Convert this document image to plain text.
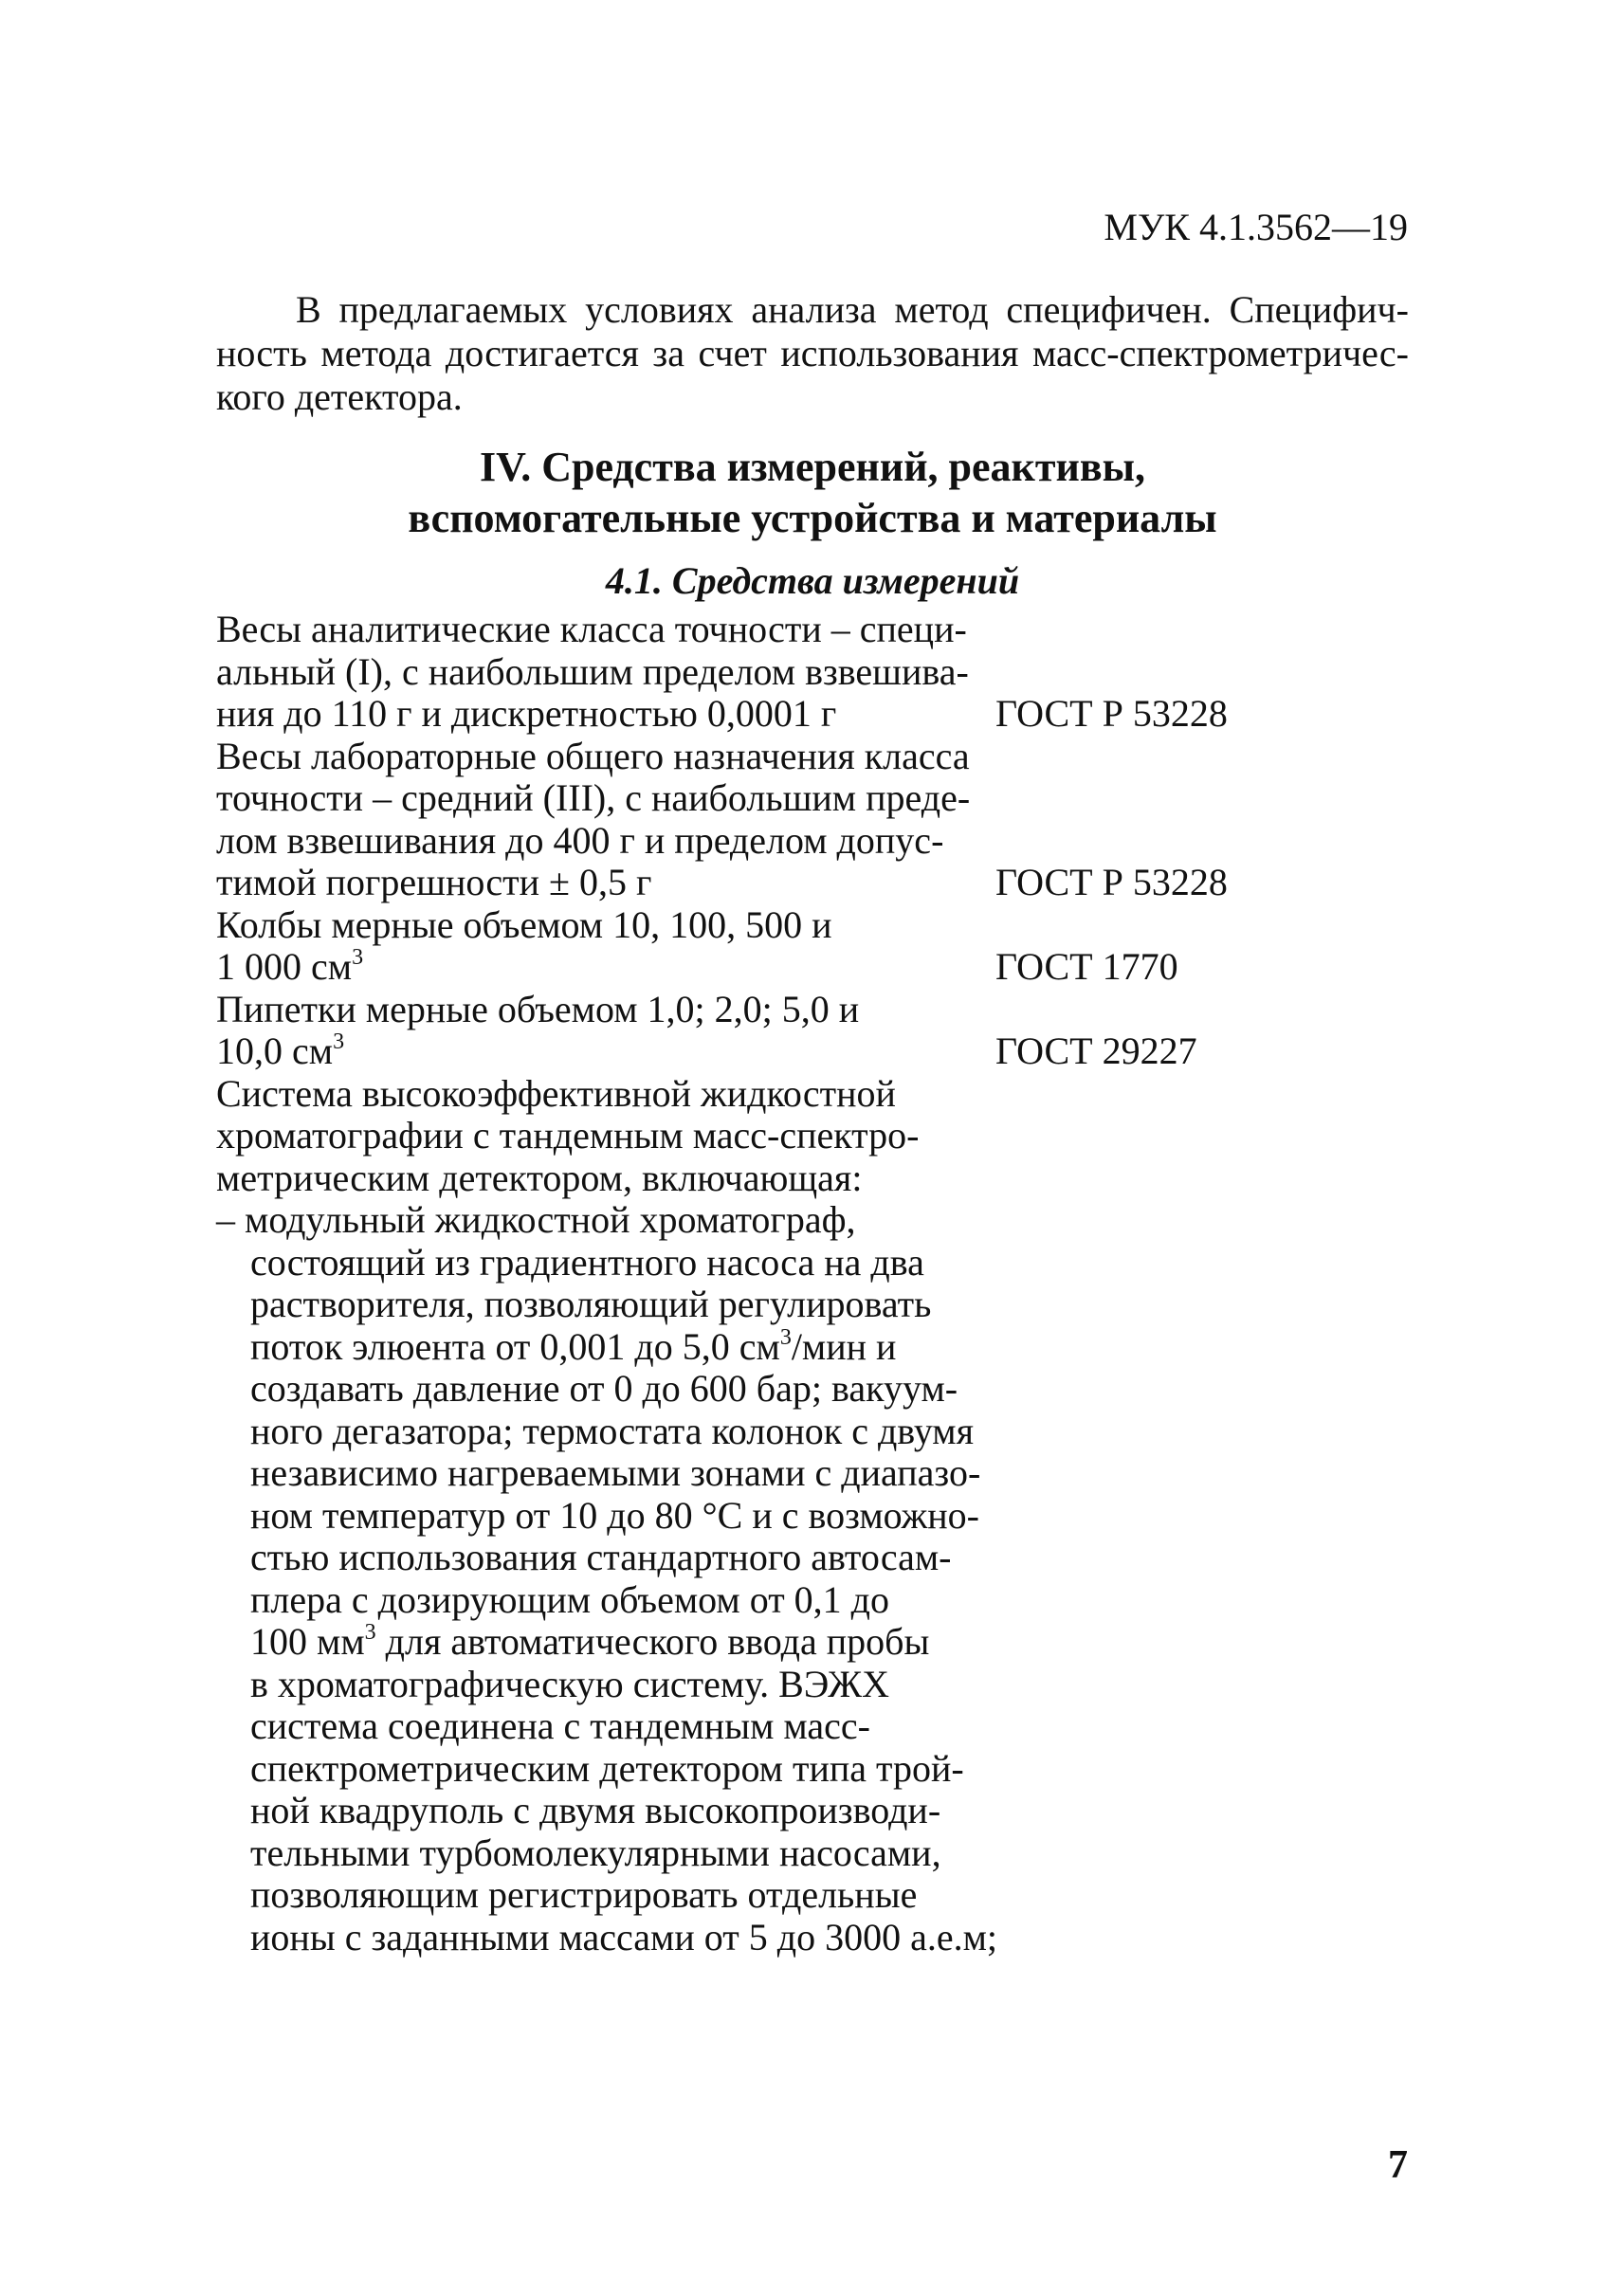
МУК 4.1.3562—19
В предлагаемых условиях анализа метод специфичен. Специфич-
ность метода достигается за счет использования масс-спектрометричес-
кого детектора.
IV. Средства измерений, реактивы,
вспомогательные устройства и материалы
4.1. Средства измерений
Весы аналитические класса точности – специ-
альный (I), с наибольшим пределом взвешива-
ния до 110 г и дискретностью 0,0001 г	ГОСТ Р 53228
Весы лабораторные общего назначения класса
точности – средний (III), с наибольшим преде-
лом взвешивания до 400 г и пределом допус-
тимой погрешности ± 0,5 г	ГОСТ Р 53228
Колбы мерные объемом 10, 100, 500 и
1 000 $см^3$	ГОСТ 1770
Пипетки мерные объемом 1,0; 2,0; 5,0 и
10,0 $см^3$	ГОСТ 29227
Система высокоэффективной жидкостной
хроматографии с тандемным масс-спектро-
метрическим детектором, включающая:
– модульный жидкостной хроматограф,
состоящий из градиентного насоса на два
растворителя, позволяющий регулировать
поток элюента от 0,001 до 5,0 $см^3$/мин и
создавать давление от 0 до 600 бар; вакуум-
ного дегазатора; термостата колонок с двумя
независимо нагреваемыми зонами с диапазо-
ном температур от 10 до 80 °С и с возможно-
стью использования стандартного автосам-
плера с дозирующим объемом от 0,1 до
100 $мм^3$ для автоматического ввода пробы
в хроматографическую систему. ВЭЖХ
система соединена с тандемным масс-
спектрометрическим детектором типа трой-
ной квадруполь с двумя высокопроизводи-
тельными турбомолекулярными насосами,
позволяющим регистрировать отдельные
ионы с заданными массами от 5 до 3000 а.е.м;
7
